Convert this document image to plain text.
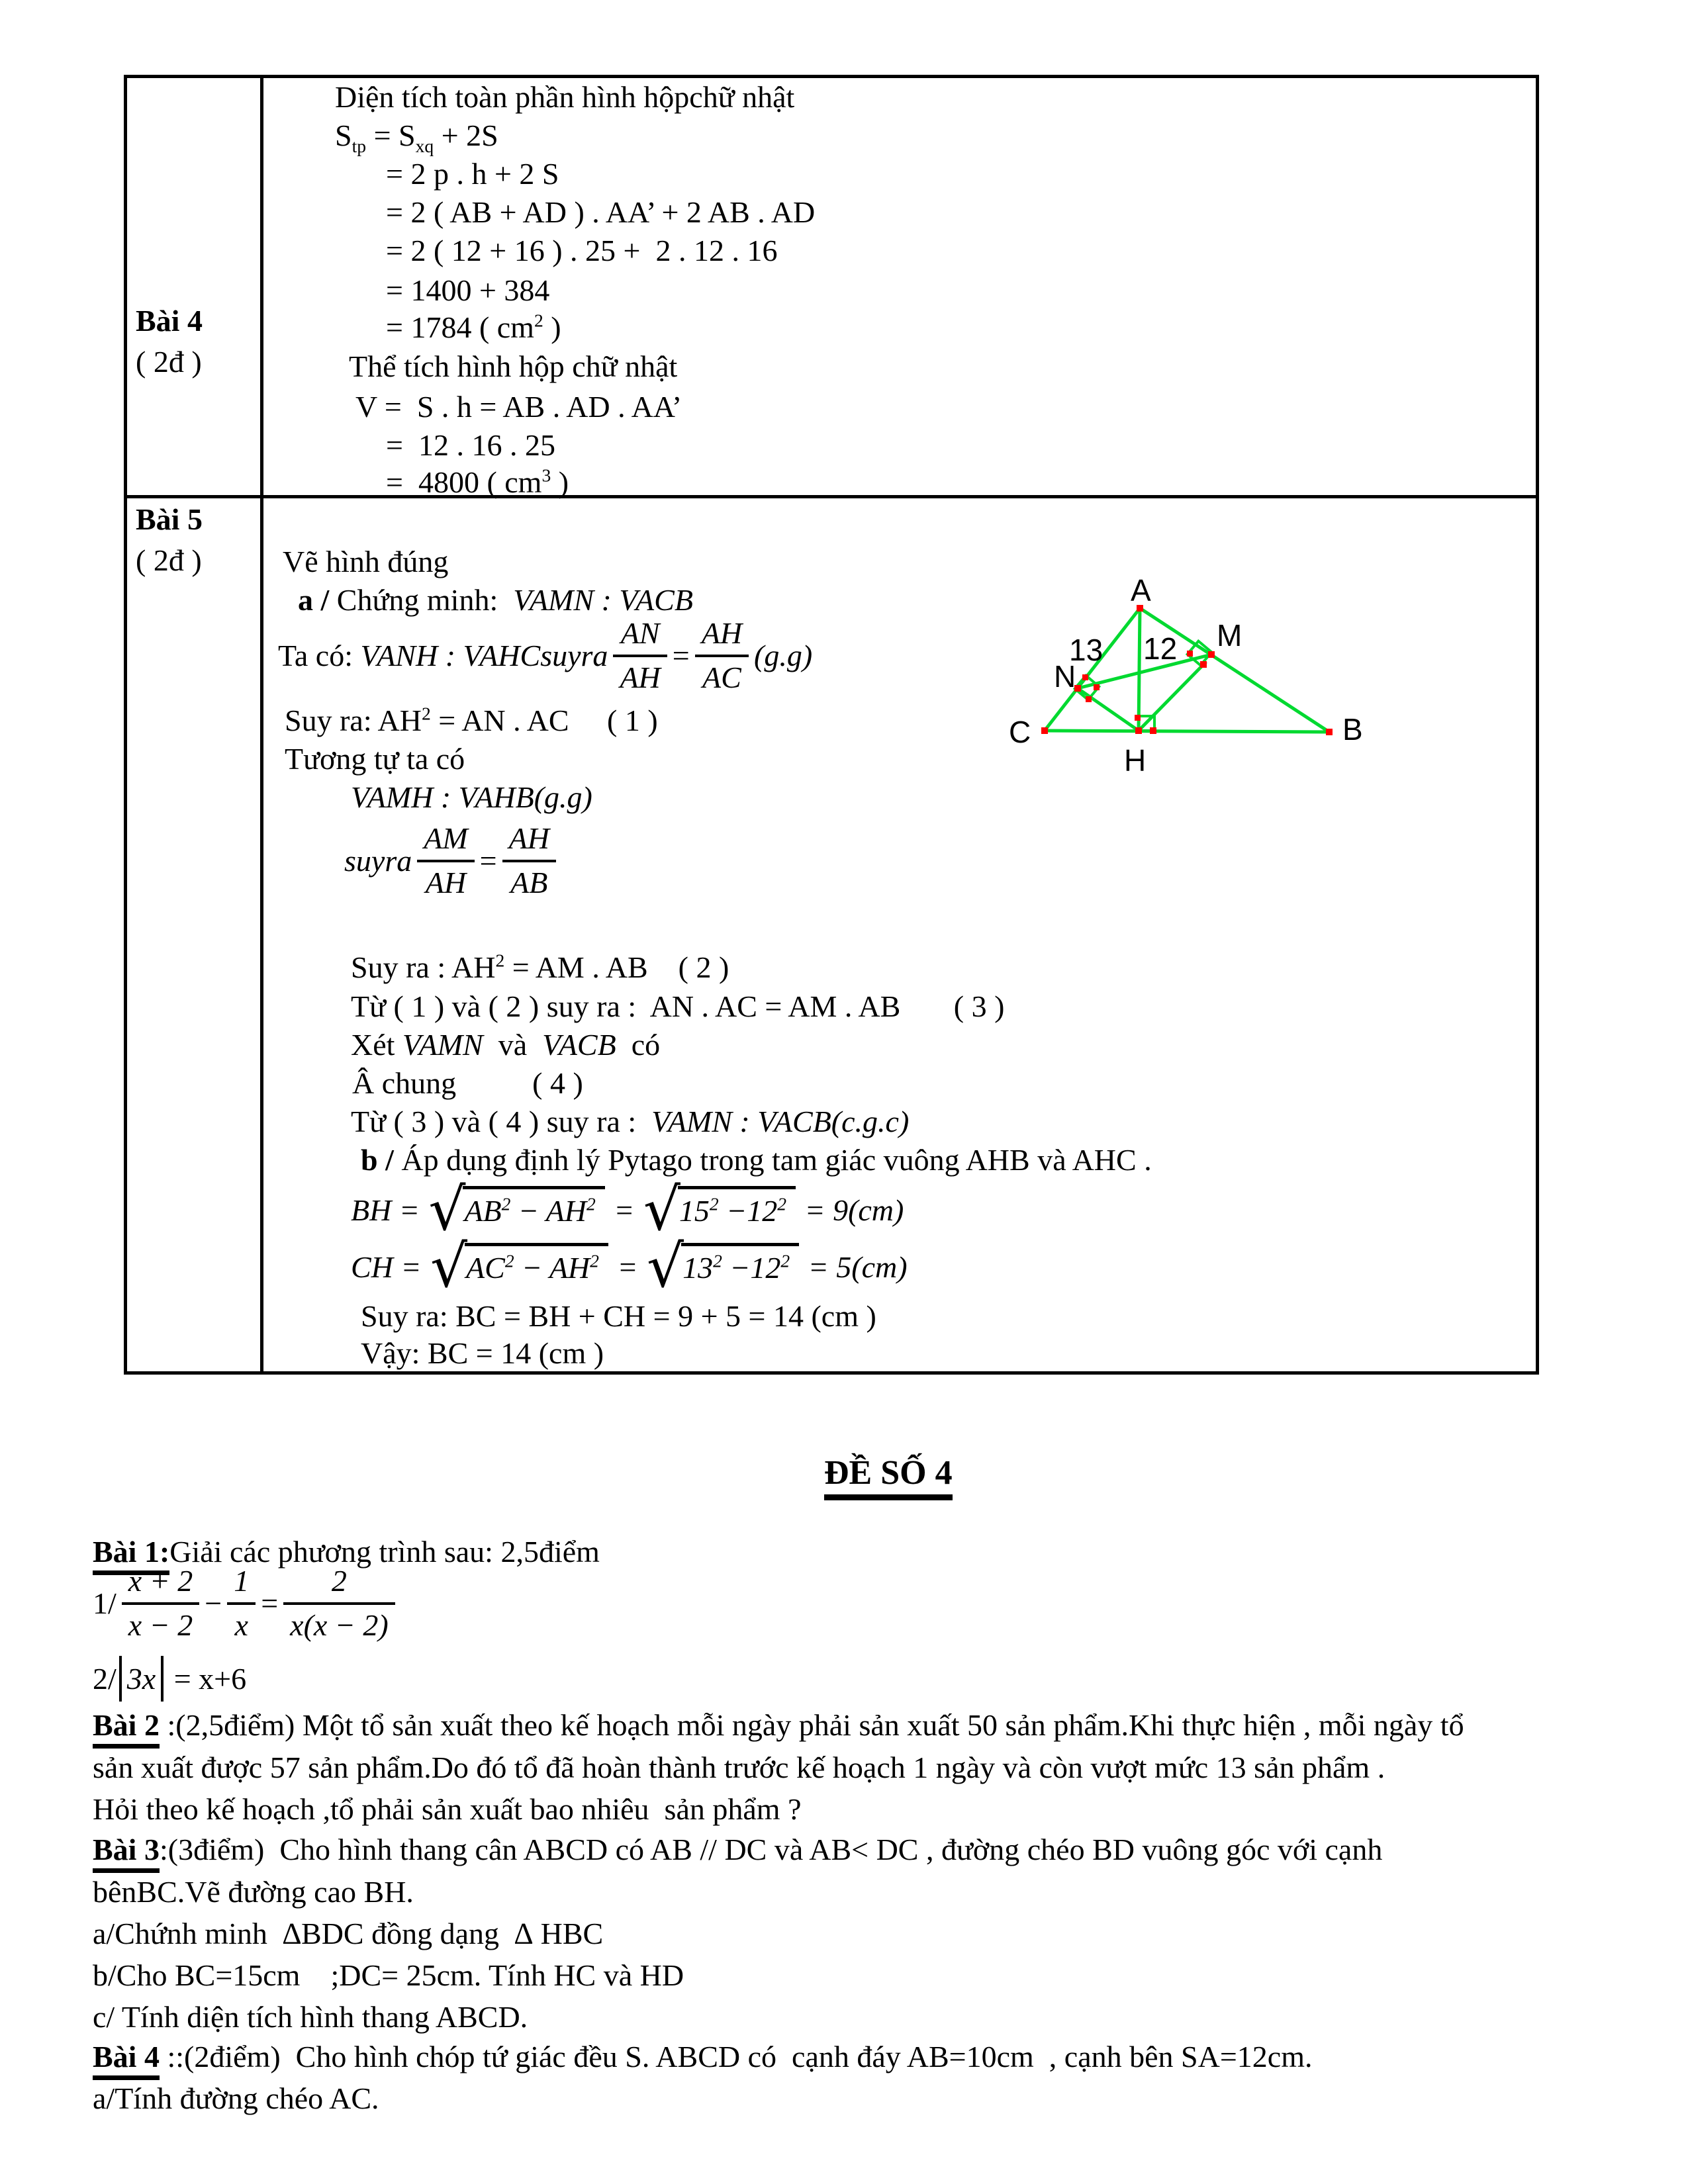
Bài 4
( 2đ )
Bài 5
( 2đ )
Diện tích toàn phần hình hộpchữ nhật
$S_{tp} = S_{xq} + 2S$
= 2 p . h + 2 S
= 2 ( AB + AD ) . AA’ + 2 AB . AD
= 2 ( 12 + 16 ) . 25 +  2 . 12 . 16
= 1400 + 384
= 1784 ( $cm^2$ )
Thể tích hình hộp chữ nhật
V =  S . h = AB . AD . AA’
=  12 . 16 . 25
=  4800 ( $cm^3$ )
Vẽ hình đúng
a / Chứng minh:  VAMN : VACB
Ta có: VANH : VAHCsuyra $\frac{AN}{AH} = \frac{AH}{AC} (g.g)$
Suy ra: $AH^2$ = AN . AC     ( 1 )
Tương tự ta có
VAMH : VAHB(g.g)
suyra $\frac{AM}{AH} = \frac{AH}{AB}$
Suy ra : $AH^2$ = AM . AB    ( 2 )
Từ ( 1 ) và ( 2 ) suy ra :  AN . AC = AM . AB       ( 3 )
Xét VAMN  và  VACB  có
Â chung          ( 4 )
Từ ( 3 ) và ( 4 ) suy ra :  VAMN : VACB(c.g.c)
b / Áp dụng định lý Pytago trong tam giác vuông AHB và AHC .
BH = √
$AB^2 - AH^2$ = √
$15^2 -12^2 = 9$( cm )
CH = √
$AC^2 - AH^2$ = √
$13^2 -12^2 = 5$( cm )
Suy ra: BC = BH + CH = 9 + 5 = 14 (cm )
Vậy: BC = 14 (cm )
A
B
C
H
M
N
13 12
ĐỀ SỐ 4
Bài 1:Giải các phương trình sau: 2,5điểm
$1/ \frac{x + 2}{x - 2} - \frac{1}{x} = \frac{2}{x(x - 2)}$
2/ 3x = x+6
Bài 2 :(2,5điểm) Một tổ sản xuất theo kế hoạch mỗi ngày phải sản xuất 50 sản phẩm.Khi thực hiện , mỗi ngày tổ
sản xuất được 57 sản phẩm.Do đó tổ đã hoàn thành trước kế hoạch 1 ngày và còn vượt mức 13 sản phẩm .
Hỏi theo kế hoạch ,tổ phải sản xuất bao nhiêu  sản phẩm ?
Bài 3:(3điểm)  Cho hình thang cân ABCD có AB // DC và AB< DC , đường chéo BD vuông góc với cạnh
bênBC.Vẽ đường cao BH.
a/Chứnh minh  ∆BDC đồng dạng  ∆ HBC
b/Cho BC=15cm    ;DC= 25cm. Tính HC và HD
c/ Tính diện tích hình thang ABCD.
Bài 4 ::(2điểm)  Cho hình chóp tứ giác đều S. ABCD có  cạnh đáy AB=10cm  , cạnh bên SA=12cm.
a/Tính đường chéo AC.
